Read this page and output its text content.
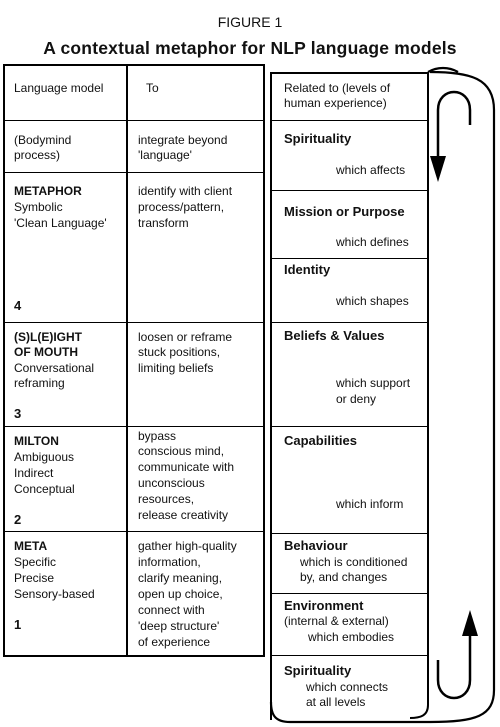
FIGURE 1
A contextual metaphor for NLP language models
Language model	To	Related to (levels of
human experience)
(Bodymind
process)
integrate beyond
'language'
METAPHOR
Symbolic
'Clean Language'
4
identify with client
process/pattern,
transform
(S)L(E)IGHT
OF MOUTH
Conversational
reframing
3
loosen or reframe
stuck positions,
limiting beliefs
MILTON
Ambiguous
Indirect
Conceptual
2
bypass
conscious mind,
communicate with
unconscious
resources,
release creativity
META
Specific
Precise
Sensory-based
1
gather high-quality
information,
clarify meaning,
open up choice,
connect with
'deep structure'
of experience
Spirituality
which affects
Mission or Purpose
which defines
Identity
which shapes
Beliefs & Values
which support
or deny
Capabilities
which inform
Behaviour
which is conditioned
by, and changes
Environment
(internal & external)
which embodies
Spirituality
which connects
at all levels
